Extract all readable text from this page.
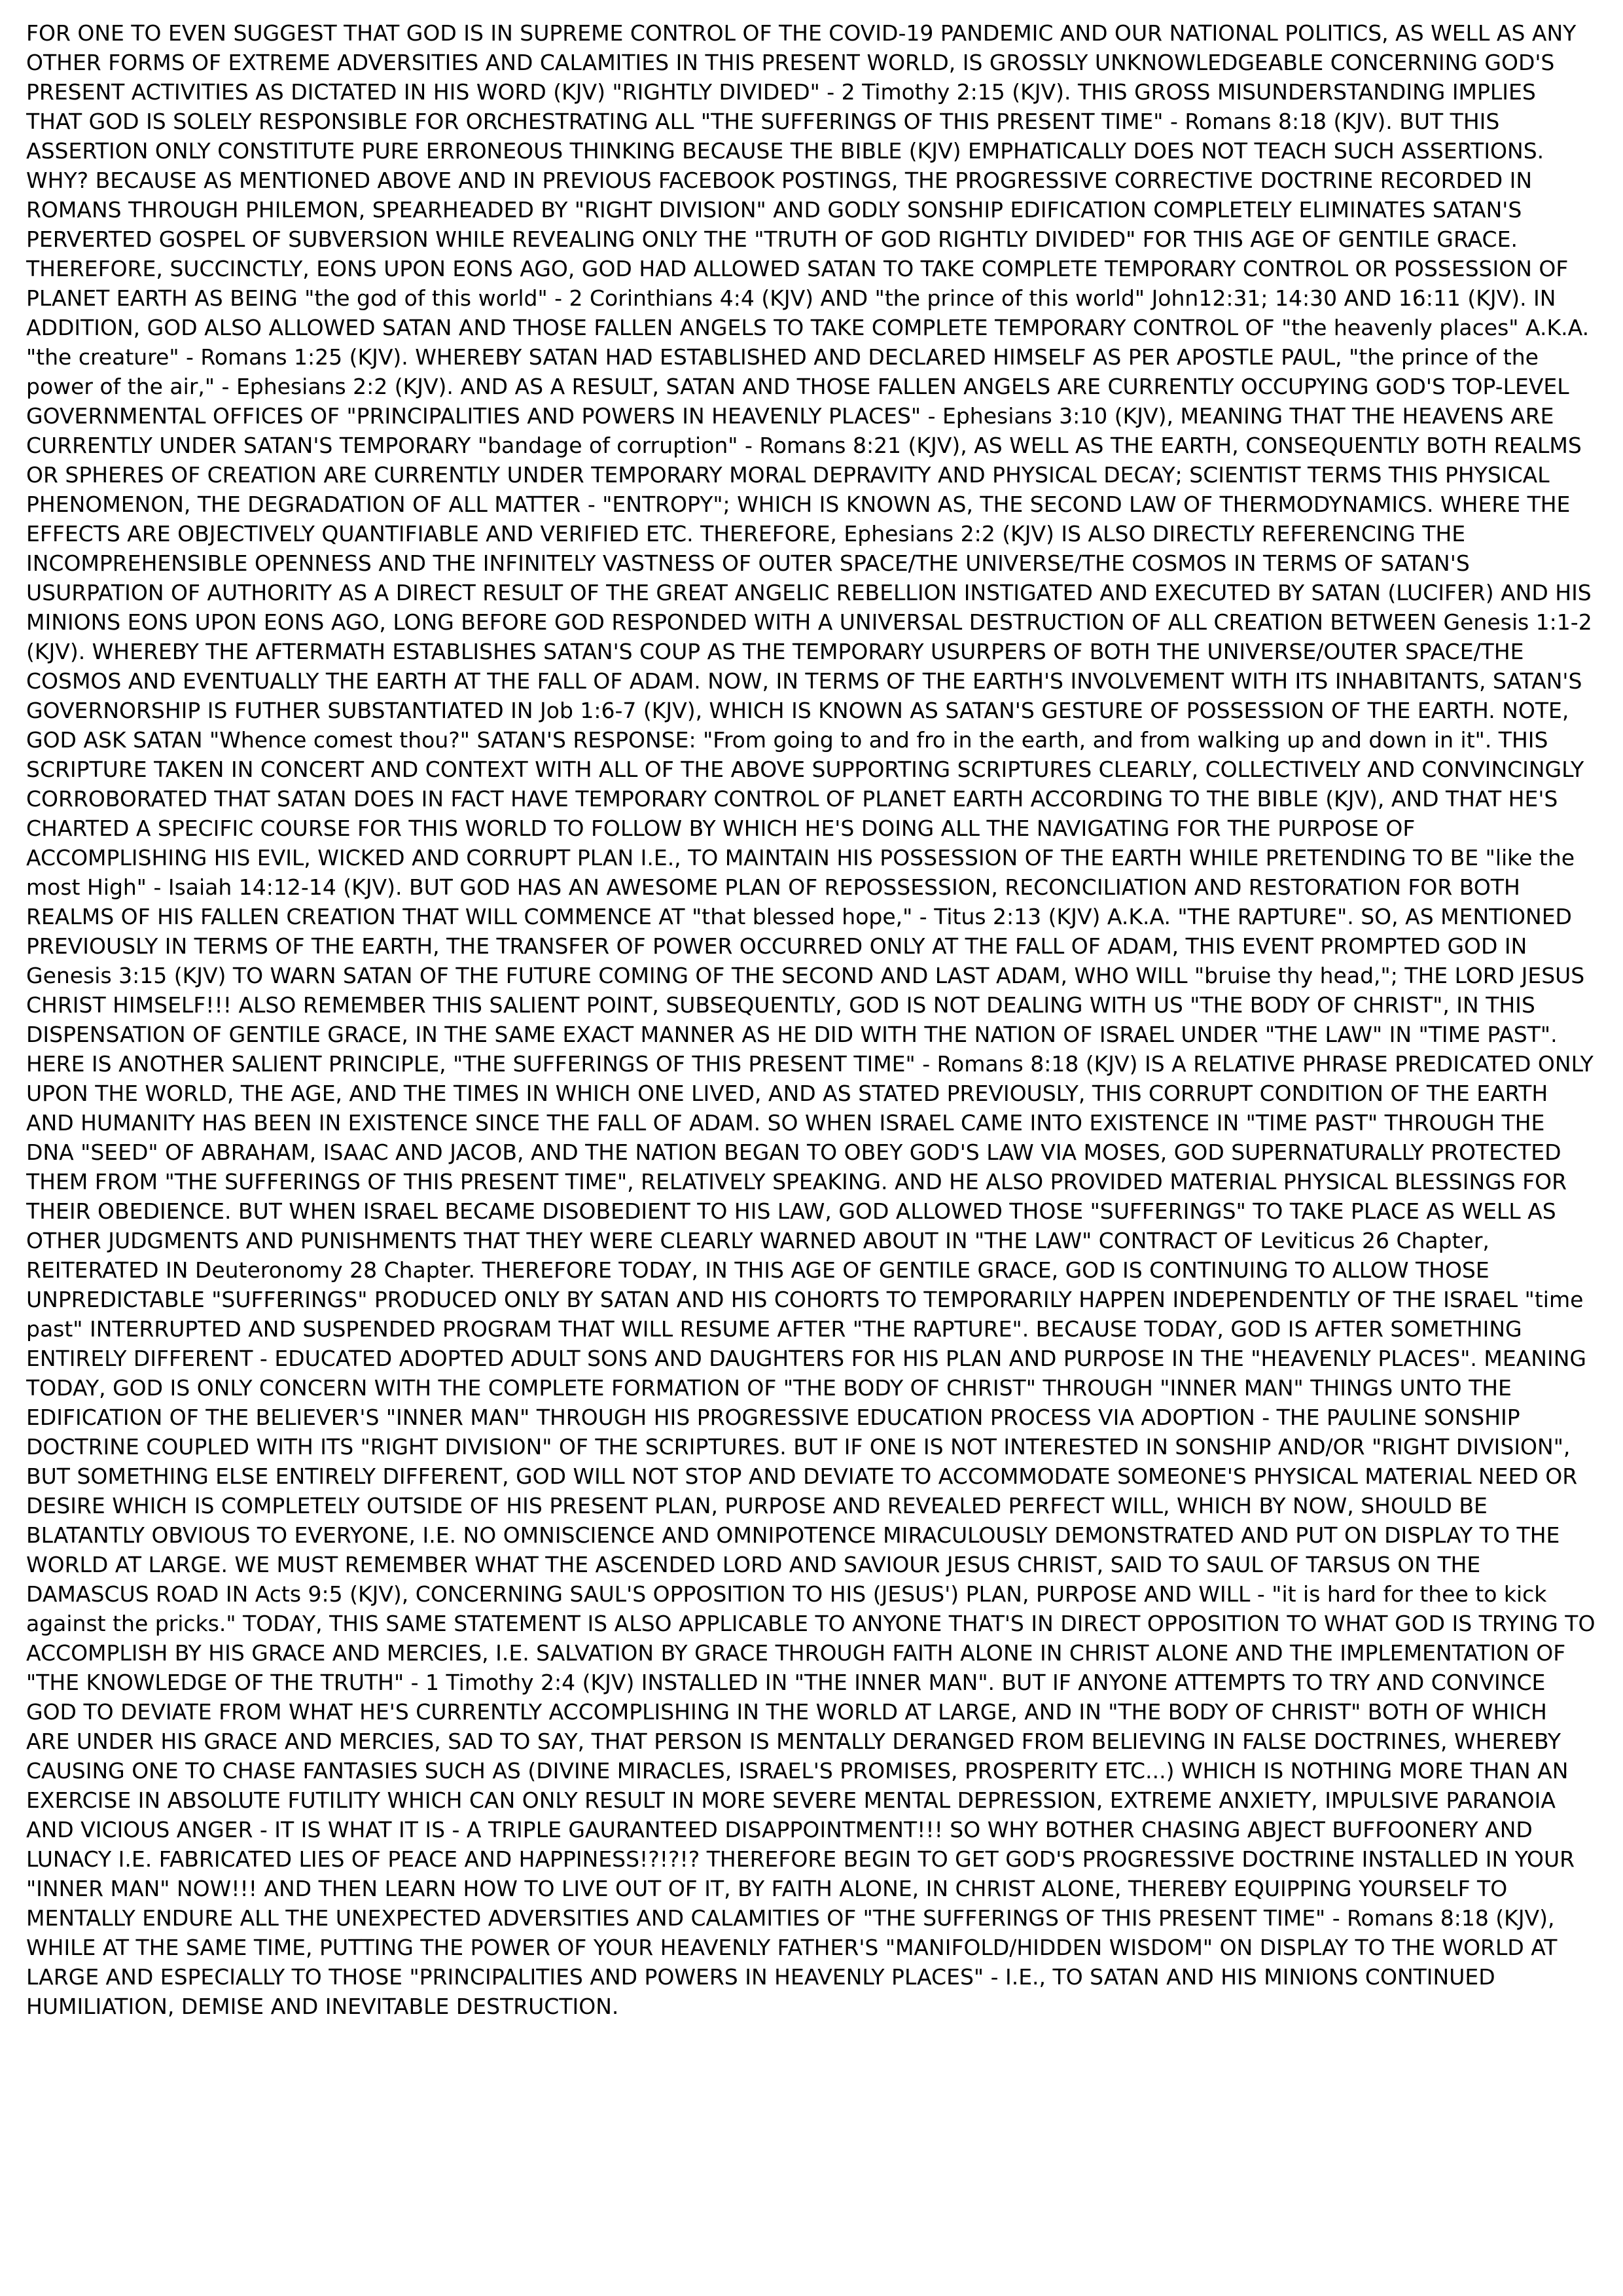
FOR ONE TO EVEN SUGGEST THAT GOD IS IN SUPREME CONTROL OF THE COVID-19 PANDEMIC AND OUR NATIONAL POLITICS, AS WELL AS ANY OTHER FORMS OF EXTREME ADVERSITIES AND CALAMITIES IN THIS PRESENT WORLD, IS GROSSLY UNKNOWLEDGEABLE CONCERNING GOD'S PRESENT ACTIVITIES AS DICTATED IN HIS WORD (KJV) "RIGHTLY DIVIDED" - 2 Timothy 2:15 (KJV). THIS GROSS MISUNDERSTANDING IMPLIES THAT GOD IS SOLELY RESPONSIBLE FOR ORCHESTRATING ALL "THE SUFFERINGS OF THIS PRESENT TIME" - Romans 8:18 (KJV). BUT THIS ASSERTION ONLY CONSTITUTE PURE ERRONEOUS THINKING BECAUSE THE BIBLE (KJV) EMPHATICALLY DOES NOT TEACH SUCH ASSERTIONS. WHY? BECAUSE AS MENTIONED ABOVE AND IN PREVIOUS FACEBOOK POSTINGS, THE PROGRESSIVE CORRECTIVE DOCTRINE RECORDED IN ROMANS THROUGH PHILEMON, SPEARHEADED BY "RIGHT DIVISION" AND GODLY SONSHIP EDIFICATION COMPLETELY ELIMINATES SATAN'S PERVERTED GOSPEL OF SUBVERSION WHILE REVEALING ONLY THE "TRUTH OF GOD RIGHTLY DIVIDED" FOR THIS AGE OF GENTILE GRACE. THEREFORE, SUCCINCTLY, EONS UPON EONS AGO, GOD HAD ALLOWED SATAN TO TAKE COMPLETE TEMPORARY CONTROL OR POSSESSION OF PLANET EARTH AS BEING "the god of this world" - 2 Corinthians 4:4 (KJV) AND "the prince of this world" John12:31; 14:30 AND 16:11 (KJV). IN ADDITION, GOD ALSO ALLOWED SATAN AND THOSE FALLEN ANGELS TO TAKE COMPLETE TEMPORARY CONTROL OF "the heavenly places" A.K.A. "the creature" - Romans 1:25 (KJV). WHEREBY SATAN HAD ESTABLISHED AND DECLARED HIMSELF AS PER APOSTLE PAUL, "the prince of the power of the air," - Ephesians 2:2 (KJV). AND AS A RESULT, SATAN AND THOSE FALLEN ANGELS ARE CURRENTLY OCCUPYING GOD'S TOP-LEVEL GOVERNMENTAL OFFICES OF "PRINCIPALITIES AND POWERS IN HEAVENLY PLACES" - Ephesians 3:10 (KJV), MEANING THAT THE HEAVENS ARE CURRENTLY UNDER SATAN'S TEMPORARY "bandage of corruption" - Romans 8:21 (KJV), AS WELL AS THE EARTH, CONSEQUENTLY BOTH REALMS OR SPHERES OF CREATION ARE CURRENTLY UNDER TEMPORARY MORAL DEPRAVITY AND PHYSICAL DECAY; SCIENTIST TERMS THIS PHYSICAL PHENOMENON, THE DEGRADATION OF ALL MATTER - "ENTROPY"; WHICH IS KNOWN AS, THE SECOND LAW OF THERMODYNAMICS. WHERE THE EFFECTS ARE OBJECTIVELY QUANTIFIABLE AND VERIFIED ETC. THEREFORE, Ephesians 2:2 (KJV) IS ALSO DIRECTLY REFERENCING THE INCOMPREHENSIBLE OPENNESS AND THE INFINITELY VASTNESS OF OUTER SPACE/THE UNIVERSE/THE COSMOS IN TERMS OF SATAN'S USURPATION OF AUTHORITY AS A DIRECT RESULT OF THE GREAT ANGELIC REBELLION INSTIGATED AND EXECUTED BY SATAN (LUCIFER) AND HIS MINIONS EONS UPON EONS AGO, LONG BEFORE GOD RESPONDED WITH A UNIVERSAL DESTRUCTION OF ALL CREATION BETWEEN Genesis 1:1-2 (KJV). WHEREBY THE AFTERMATH ESTABLISHES SATAN'S COUP AS THE TEMPORARY USURPERS OF BOTH THE UNIVERSE/OUTER SPACE/THE COSMOS AND EVENTUALLY THE EARTH AT THE FALL OF ADAM. NOW, IN TERMS OF THE EARTH'S INVOLVEMENT WITH ITS INHABITANTS, SATAN'S GOVERNORSHIP IS FUTHER SUBSTANTIATED IN Job 1:6-7 (KJV), WHICH IS KNOWN AS SATAN'S GESTURE OF POSSESSION OF THE EARTH. NOTE, GOD ASK SATAN "Whence comest thou?" SATAN'S RESPONSE: "From going to and fro in the earth, and from walking up and down in it". THIS SCRIPTURE TAKEN IN CONCERT AND CONTEXT WITH ALL OF THE ABOVE SUPPORTING SCRIPTURES CLEARLY, COLLECTIVELY AND CONVINCINGLY CORROBORATED THAT SATAN DOES IN FACT HAVE TEMPORARY CONTROL OF PLANET EARTH ACCORDING TO THE BIBLE (KJV), AND THAT HE'S CHARTED A SPECIFIC COURSE FOR THIS WORLD TO FOLLOW BY WHICH HE'S DOING ALL THE NAVIGATING FOR THE PURPOSE OF ACCOMPLISHING HIS EVIL, WICKED AND CORRUPT PLAN I.E., TO MAINTAIN HIS POSSESSION OF THE EARTH WHILE PRETENDING TO BE "like the most High" - Isaiah 14:12-14 (KJV). BUT GOD HAS AN AWESOME PLAN OF REPOSSESSION, RECONCILIATION AND RESTORATION FOR BOTH REALMS OF HIS FALLEN CREATION THAT WILL COMMENCE AT "that blessed hope," - Titus 2:13 (KJV) A.K.A. "THE RAPTURE". SO, AS MENTIONED PREVIOUSLY IN TERMS OF THE EARTH, THE TRANSFER OF POWER OCCURRED ONLY AT THE FALL OF ADAM, THIS EVENT PROMPTED GOD IN Genesis 3:15 (KJV) TO WARN SATAN OF THE FUTURE COMING OF THE SECOND AND LAST ADAM, WHO WILL "bruise thy head,"; THE LORD JESUS CHRIST HIMSELF!!! ALSO REMEMBER THIS SALIENT POINT, SUBSEQUENTLY, GOD IS NOT DEALING WITH US "THE BODY OF CHRIST", IN THIS DISPENSATION OF GENTILE GRACE, IN THE SAME EXACT MANNER AS HE DID WITH THE NATION OF ISRAEL UNDER "THE LAW" IN "TIME PAST". HERE IS ANOTHER SALIENT PRINCIPLE, "THE SUFFERINGS OF THIS PRESENT TIME" - Romans 8:18 (KJV) IS A RELATIVE PHRASE PREDICATED ONLY UPON THE WORLD, THE AGE, AND THE TIMES IN WHICH ONE LIVED, AND AS STATED PREVIOUSLY, THIS CORRUPT CONDITION OF THE EARTH AND HUMANITY HAS BEEN IN EXISTENCE SINCE THE FALL OF ADAM. SO WHEN ISRAEL CAME INTO EXISTENCE IN "TIME PAST" THROUGH THE DNA "SEED" OF ABRAHAM, ISAAC AND JACOB, AND THE NATION BEGAN TO OBEY GOD'S LAW VIA MOSES, GOD SUPERNATURALLY PROTECTED THEM FROM "THE SUFFERINGS OF THIS PRESENT TIME", RELATIVELY SPEAKING. AND HE ALSO PROVIDED MATERIAL PHYSICAL BLESSINGS FOR THEIR OBEDIENCE. BUT WHEN ISRAEL BECAME DISOBEDIENT TO HIS LAW, GOD ALLOWED THOSE "SUFFERINGS" TO TAKE PLACE AS WELL AS OTHER JUDGMENTS AND PUNISHMENTS THAT THEY WERE CLEARLY WARNED ABOUT IN "THE LAW" CONTRACT OF Leviticus 26 Chapter, REITERATED IN Deuteronomy 28 Chapter. THEREFORE TODAY, IN THIS AGE OF GENTILE GRACE, GOD IS CONTINUING TO ALLOW THOSE UNPREDICTABLE "SUFFERINGS" PRODUCED ONLY BY SATAN AND HIS COHORTS TO TEMPORARILY HAPPEN INDEPENDENTLY OF THE ISRAEL "time past" INTERRUPTED AND SUSPENDED PROGRAM THAT WILL RESUME AFTER "THE RAPTURE". BECAUSE TODAY, GOD IS AFTER SOMETHING ENTIRELY DIFFERENT - EDUCATED ADOPTED ADULT SONS AND DAUGHTERS FOR HIS PLAN AND PURPOSE IN THE "HEAVENLY PLACES". MEANING TODAY, GOD IS ONLY CONCERN WITH THE COMPLETE FORMATION OF "THE BODY OF CHRIST" THROUGH "INNER MAN" THINGS UNTO THE EDIFICATION OF THE BELIEVER'S "INNER MAN" THROUGH HIS PROGRESSIVE EDUCATION PROCESS VIA ADOPTION - THE PAULINE SONSHIP DOCTRINE COUPLED WITH ITS "RIGHT DIVISION" OF THE SCRIPTURES. BUT IF ONE IS NOT INTERESTED IN SONSHIP AND/OR "RIGHT DIVISION", BUT SOMETHING ELSE ENTIRELY DIFFERENT, GOD WILL NOT STOP AND DEVIATE TO ACCOMMODATE SOMEONE'S PHYSICAL MATERIAL NEED OR DESIRE WHICH IS COMPLETELY OUTSIDE OF HIS PRESENT PLAN, PURPOSE AND REVEALED PERFECT WILL, WHICH BY NOW, SHOULD BE BLATANTLY OBVIOUS TO EVERYONE, I.E. NO OMNISCIENCE AND OMNIPOTENCE MIRACULOUSLY DEMONSTRATED AND PUT ON DISPLAY TO THE WORLD AT LARGE. WE MUST REMEMBER WHAT THE ASCENDED LORD AND SAVIOUR JESUS CHRIST, SAID TO SAUL OF TARSUS ON THE DAMASCUS ROAD IN Acts 9:5 (KJV), CONCERNING SAUL'S OPPOSITION TO HIS (JESUS') PLAN, PURPOSE AND WILL - "it is hard for thee to kick against the pricks." TODAY, THIS SAME STATEMENT IS ALSO APPLICABLE TO ANYONE THAT'S IN DIRECT OPPOSITION TO WHAT GOD IS TRYING TO ACCOMPLISH BY HIS GRACE AND MERCIES, I.E. SALVATION BY GRACE THROUGH FAITH ALONE IN CHRIST ALONE AND THE IMPLEMENTATION OF "THE KNOWLEDGE OF THE TRUTH" - 1 Timothy 2:4 (KJV) INSTALLED IN "THE INNER MAN". BUT IF ANYONE ATTEMPTS TO TRY AND CONVINCE GOD TO DEVIATE FROM WHAT HE'S CURRENTLY ACCOMPLISHING IN THE WORLD AT LARGE, AND IN "THE BODY OF CHRIST" BOTH OF WHICH ARE UNDER HIS GRACE AND MERCIES, SAD TO SAY, THAT PERSON IS MENTALLY DERANGED FROM BELIEVING IN FALSE DOCTRINES, WHEREBY CAUSING ONE TO CHASE FANTASIES SUCH AS (DIVINE MIRACLES, ISRAEL'S PROMISES, PROSPERITY ETC...) WHICH IS NOTHING MORE THAN AN EXERCISE IN ABSOLUTE FUTILITY WHICH CAN ONLY RESULT IN MORE SEVERE MENTAL DEPRESSION, EXTREME ANXIETY, IMPULSIVE PARANOIA AND VICIOUS ANGER - IT IS WHAT IT IS - A TRIPLE GAURANTEED DISAPPOINTMENT!!! SO WHY BOTHER CHASING ABJECT BUFFOONERY AND LUNACY I.E. FABRICATED LIES OF PEACE AND HAPPINESS!?!?!? THEREFORE BEGIN TO GET GOD'S PROGRESSIVE DOCTRINE INSTALLED IN YOUR "INNER MAN" NOW!!! AND THEN LEARN HOW TO LIVE OUT OF IT, BY FAITH ALONE, IN CHRIST ALONE, THEREBY EQUIPPING YOURSELF TO MENTALLY ENDURE ALL THE UNEXPECTED ADVERSITIES AND CALAMITIES OF "THE SUFFERINGS OF THIS PRESENT TIME" - Romans 8:18 (KJV), WHILE AT THE SAME TIME, PUTTING THE POWER OF YOUR HEAVENLY FATHER'S "MANIFOLD/HIDDEN WISDOM" ON DISPLAY TO THE WORLD AT LARGE AND ESPECIALLY TO THOSE "PRINCIPALITIES AND POWERS IN HEAVENLY PLACES" - I.E., TO SATAN AND HIS MINIONS CONTINUED HUMILIATION, DEMISE AND INEVITABLE DESTRUCTION.
